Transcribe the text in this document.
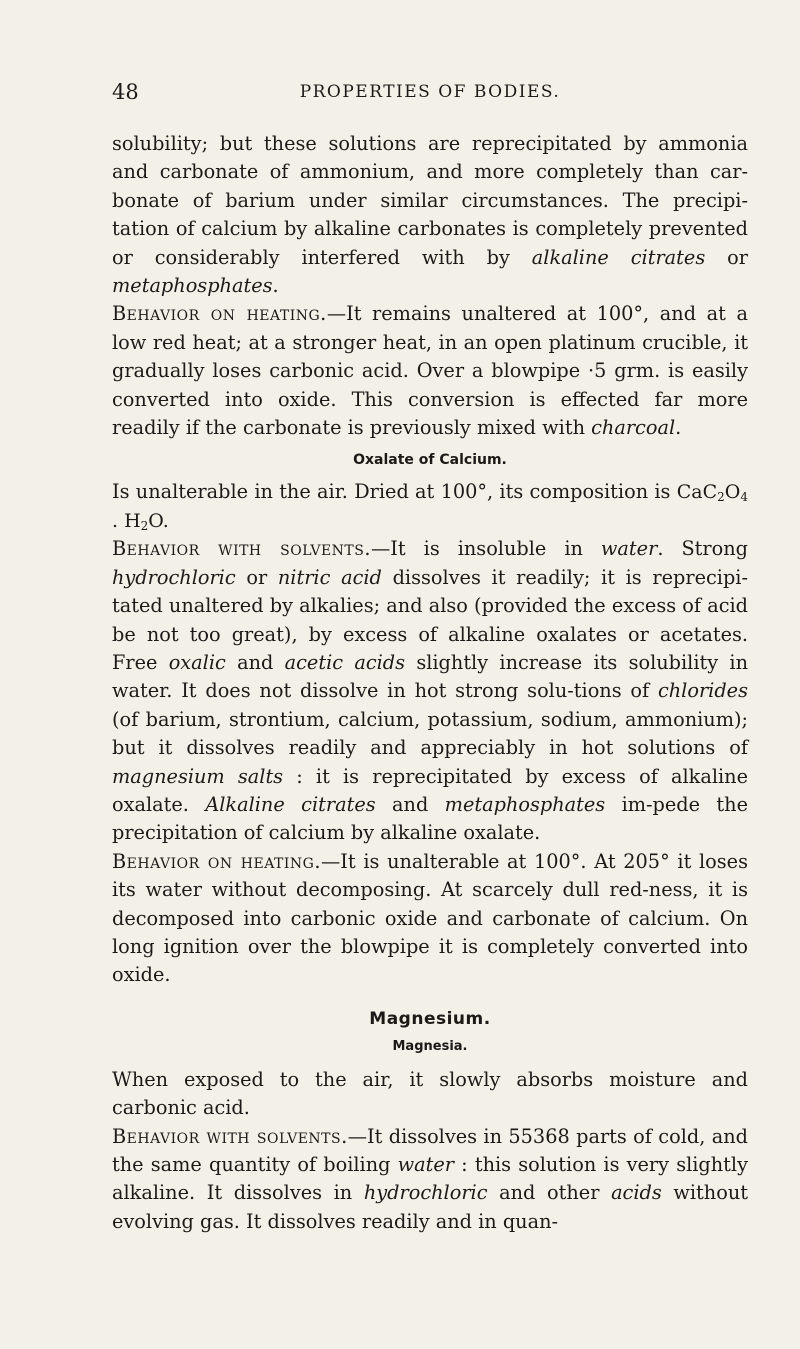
48	PROPERTIES OF BODIES.

solubility; but these solutions are reprecipitated by ammonia and carbonate of ammonium, and more completely than car-bonate of barium under similar circumstances. The precipi-tation of calcium by alkaline carbonates is completely prevented or considerably interfered with by alkaline citrates or metaphosphates.

Behavior on heating.—It remains unaltered at 100°, and at a low red heat; at a stronger heat, in an open platinum crucible, it gradually loses carbonic acid. Over a blowpipe ·5 grm. is easily converted into oxide. This conversion is effected far more readily if the carbonate is previously mixed with charcoal.

Oxalate of Calcium.

Is unalterable in the air. Dried at 100°, its composition is $CaC_2O_4$ . $H_2O$.

Behavior with solvents.—It is insoluble in water. Strong hydrochloric or nitric acid dissolves it readily; it is reprecipi-tated unaltered by alkalies; and also (provided the excess of acid be not too great), by excess of alkaline oxalates or acetates. Free oxalic and acetic acids slightly increase its solubility in water. It does not dissolve in hot strong solu-tions of chlorides (of barium, strontium, calcium, potassium, sodium, ammonium); but it dissolves readily and appreciably in hot solutions of magnesium salts : it is reprecipitated by excess of alkaline oxalate. Alkaline citrates and metaphosphates im-pede the precipitation of calcium by alkaline oxalate.

Behavior on heating.—It is unalterable at 100°. At 205° it loses its water without decomposing. At scarcely dull red-ness, it is decomposed into carbonic oxide and carbonate of calcium. On long ignition over the blowpipe it is completely converted into oxide.

Magnesium.
Magnesia.

When exposed to the air, it slowly absorbs moisture and carbonic acid.

Behavior with solvents.—It dissolves in 55368 parts of cold, and the same quantity of boiling water : this solution is very slightly alkaline. It dissolves in hydrochloric and other acids without evolving gas. It dissolves readily and in quan-
